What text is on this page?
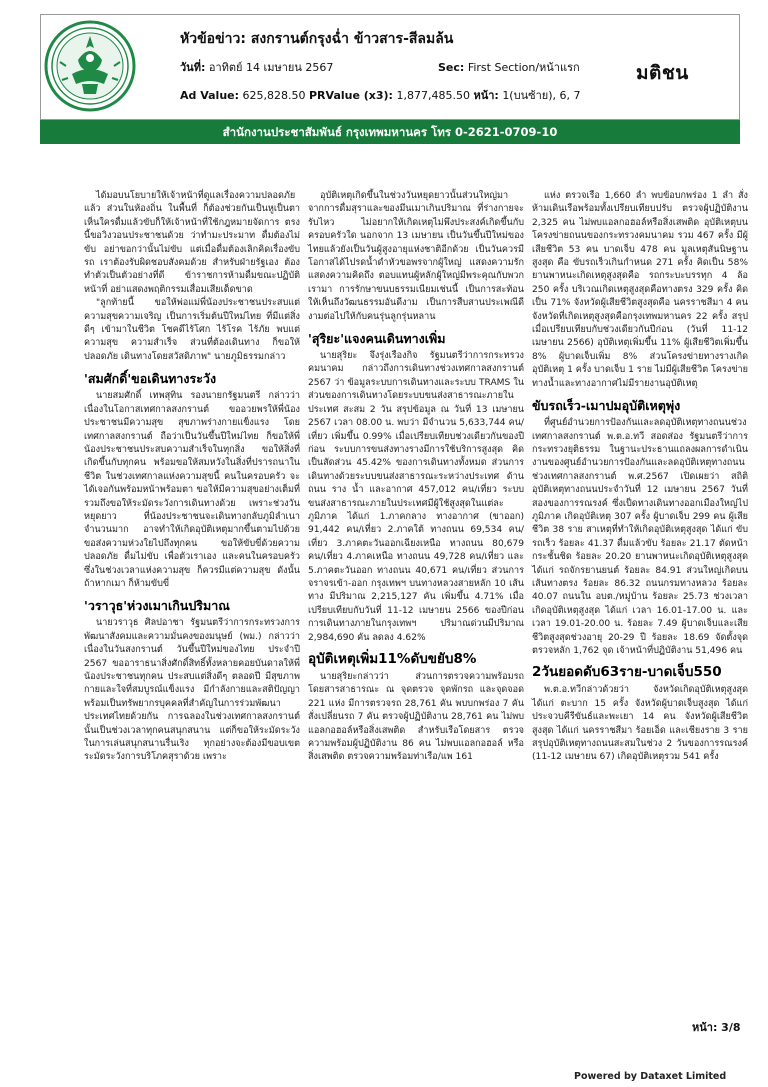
หัวข้อข่าว: สงกรานต์กรุงฉ่ำ ข้าวสาร-สีลมล้น
วันที่: อาทิตย์ 14 เมษายน 2567	Sec: First Section/หน้าแรก
Ad Value: 625,828.50 PRValue (x3): 1,877,485.50 หน้า: 1(บนซ้าย), 6, 7
มติชน
สำนักงานประชาสัมพันธ์ กรุงเทพมหานคร โทร 0-2621-0709-10

ได้มอบนโยบายให้เจ้าหน้าที่ดูแลเรื่องความปลอดภัยแล้ว ส่วนในห้องถิ่น ในพื้นที่ ก็ต้องช่วยกันเป็นหูเป็นตา เห็นใครดื่มแล้วขับก็ให้เจ้าหน้าที่ใช้กฎหมายจัดการ ตรงนี้ขอวิงวอนประชาชนด้วย ว่าทำมะประมาท ดื่มต้องไม่ขับ อย่าขอกว่านั้นไม่ขับ แต่เมื่อดื่มต้องเลิกคิดเรื่องขับรถ เราต้องรับผิดชอบสังคมด้วย สำหรับฝ่ายรัฐเอง ต้องทำตัวเป็นตัวอย่างที่ดี ข้าราชการห้ามดื่มขณะปฏิบัติหน้าที่ อย่าแสดงพฤติกรรมเสื่อมเสียเด็ดขาด

"ลูกท้ายนี้ ขอให้พ่อแม่พี่น้องประชาชนประสบแต่ความสุขความเจริญ เป็นการเริ่มต้นปีใหม่ไทย ที่มีแต่สิ่งดีๆ เข้ามาในชีวิต โชคดีไร้โศก ไร้โรค ไร้ภัย พบแต่ความสุข ความสำเร็จ ส่วนที่ต้องเดินทาง ก็ขอให้ปลอดภัย เดินทางโดยสวัสดิภาพ" นายภูมิธรรมกล่าว

'สมศักดิ์'ขอเดินทางระวัง

นายสมศักดิ์ เทพสุทิน รองนายกรัฐมนตรี กล่าวว่า เนื่องในโอกาสเทศกาลสงกรานต์ ขออวยพรให้พี่น้องประชาชนมีความสุข สุขภาพร่างกายแข็งแรง โดยเทศกาลสงกรานต์ ถือว่าเป็นวันขึ้นปีใหม่ไทย ก็ขอให้พี่น้องประชาชนประสบความสำเร็จในทุกสิ่ง ขอให้สิ่งที่เกิดขึ้นกับทุกคน พร้อมขอให้สมหวังในสิ่งที่ปรารถนาในชีวิต ในช่วงเทศกาลแห่งความสุขนี้ คนในครอบครัว จะได้เจอกันพร้อมหน้าพร้อมตา ขอให้มีความสุขอย่างเต็มที่ รวมถึงขอให้ระมัดระวังการเดินทางด้วย เพราะช่วงวันหยุดยาว ที่น้องประชาชนจะเดินทางกลับภูมิลำเนาจำนวนมาก อาจทำให้เกิดอุบัติเหตุมากขึ้นตามไปด้วย ขอส่งความห่วงใยไปถึงทุกคน ขอให้ขับขี่ด้วยความปลอดภัย ดื่มไม่ขับ เพื่อตัวเราเอง และคนในครอบครัว ซึ่งในช่วงเวลาแห่งความสุข ก็ควรมีแต่ความสุข ดังนั้น ถ้าหากเมา ก็ห้ามขับขี่

'วราวุธ'ห่วงเมาเกินปริมาณ

นายวราวุธ ศิลปอาชา รัฐมนตรีว่าการกระทรวงการพัฒนาสังคมและความมั่นคงของมนุษย์ (พม.) กล่าวว่า เนื่องในวันสงกรานต์ วันขึ้นปีใหม่ของไทย ประจำปี 2567 ขออาราธนาสิ่งศักดิ์สิทธิ์ทั้งหลายคอยบันดาลให้พี่น้องประชาชนทุกคน ประสบแต่สิ่งดีๆ ตลอดปี มีสุขภาพกายและใจที่สมบูรณ์แข็งแรง มีกำลังกายและสติปัญญาพร้อมเป็นทรัพยากรบุคคลที่สำคัญในการร่วมพัฒนาประเทศไทยด้วยกัน การฉลองในช่วงเทศกาลสงกรานต์นั้นเป็นช่วงเวลาทุกคนสนุกสนาน แต่ก็ขอให้ระมัดระวังในการเล่นสนุกสนานรื่นเริง ทุกอย่างจะต้องมีขอบเขต ระมัดระวังการบริโภคสุราด้วย เพราะ

อุบัติเหตุเกิดขึ้นในช่วงวันหยุดยาวนั้นส่วนใหญ่มาจากการดื่มสุราและของมึนเมาเกินปริมาณ ที่ร่างกายจะรับไหว ไม่อยากให้เกิดเหตุไม่พึงประสงค์เกิดขึ้นกับครอบครัวใด นอกจาก 13 เมษายน เป็นวันขึ้นปีใหม่ของไทยแล้วยังเป็นวันผู้สูงอายุแห่งชาติอีกด้วย เป็นวันควรมีโอกาสได้ไปรดน้ำดำหัวขอพรจากผู้ใหญ่ แสดงความรัก แสดงความคิดถึง ตอบแทนผู้หลักผู้ใหญ่มีพระคุณกับพวกเรามา การรักษาขนบธรรมเนียมเช่นนี้ เป็นการสะท้อนให้เห็นถึงวัฒนธรรมอันดีงาม เป็นการสืบสานประเพณีดีงามต่อไปให้กับคนรุ่นลูกรุ่นหลาน

'สุริยะ'แจงคนเดินทางเพิ่ม

นายสุริยะ จึงรุ่งเรืองกิจ รัฐมนตรีว่าการกระทรวงคมนาคม กล่าวถึงการเดินทางช่วงเทศกาลสงกรานต์ 2567 ว่า ข้อมูลระบบการเดินทางและระบบ TRAMS ในส่วนของการเดินทางโดยระบบขนส่งสาธารณะภายในประเทศ สะสม 2 วัน สรุปข้อมูล ณ วันที่ 13 เมษายน 2567 เวลา 08.00 น. พบว่า มีจำนวน 5,633,744 คน/เที่ยว เพิ่มขึ้น 0.99% เมื่อเปรียบเทียบช่วงเดียวกันของปีก่อน ระบบการขนส่งทางรางมีการใช้บริการสูงสุด คิดเป็นสัดส่วน 45.42% ของการเดินทางทั้งหมด ส่วนการเดินทางด้วยระบบขนส่งสาธารณะระหว่างประเทศ ด้านถนน ราง น้ำ และอากาศ 457,012 คน/เที่ยว ระบบขนส่งสาธารณะภายในประเทศมีผู้ใช้สูงสุดในแต่ละภูมิภาค ได้แก่ 1.ภาคกลาง ทางอากาศ (ขาออก) 91,442 คน/เที่ยว 2.ภาคใต้ ทางถนน 69,534 คน/เที่ยว 3.ภาคตะวันออกเฉียงเหนือ ทางถนน 80,679 คน/เที่ยว 4.ภาคเหนือ ทางถนน 49,728 คน/เที่ยว และ 5.ภาคตะวันออก ทางถนน 40,671 คน/เที่ยว ส่วนการจราจรเข้า-ออก กรุงเทพฯ บนทางหลวงสายหลัก 10 เส้นทาง มีปริมาณ 2,215,127 คัน เพิ่มขึ้น 4.71% เมื่อเปรียบเทียบกับวันที่ 11-12 เมษายน 2566 ของปีก่อน การเดินทางภายในกรุงเทพฯ ปริมาณด่วนมีปริมาณ 2,984,690 คัน ลดลง 4.62%

อุบัติเหตุเพิ่ม11%ดับขยับ8%

นายสุริยะกล่าวว่า ส่วนการตรวจความพร้อมรถโดยสารสาธารณะ ณ จุดตรวจ จุดพักรถ และจุดจอด 221 แห่ง มีการตรวจรถ 28,761 คัน พบบกพร่อง 7 คัน สั่งเปลี่ยนรถ 7 คัน ตรวจผู้ปฏิบัติงาน 28,761 คน ไม่พบแอลกอฮอล์หรือสิ่งเสพติด สำหรับเรือโดยสาร ตรวจความพร้อมผู้ปฏิบัติงาน 86 คน ไม่พบแอลกอฮอล์ หรือสิ่งเสพติด ตรวจความพร้อมท่าเรือ/แพ 161

แห่ง ตรวจเรือ 1,660 ลำ พบข้อบกพร่อง 1 ลำ สั่งห้ามเดินเรือพร้อมทั้งเปรียบเทียบปรับ ตรวจผู้ปฏิบัติงาน 2,325 คน ไม่พบแอลกอฮอล์หรือสิ่งเสพติด อุบัติเหตุบนโครงข่ายถนนของกระทรวงคมนาคม รวม 467 ครั้ง มีผู้เสียชีวิต 53 คน บาดเจ็บ 478 คน มูลเหตุสันนิษฐานสูงสุด คือ ขับรถเร็วเกินกำหนด 271 ครั้ง คิดเป็น 58% ยานพาหนะเกิดเหตุสูงสุดคือ รถกระบะบรรทุก 4 ล้อ 250 ครั้ง บริเวณเกิดเหตุสูงสุดคือทางตรง 329 ครั้ง คิดเป็น 71% จังหวัดผู้เสียชีวิตสูงสุดคือ นครราชสีมา 4 คน จังหวัดที่เกิดเหตุสูงสุดคือกรุงเทพมหานคร 22 ครั้ง สรุปเมื่อเปรียบเทียบกับช่วงเดียวกันปีก่อน (วันที่ 11-12 เมษายน 2566) อุบัติเหตุเพิ่มขึ้น 11% ผู้เสียชีวิตเพิ่มขึ้น 8% ผู้บาดเจ็บเพิ่ม 8% ส่วนโครงข่ายทางรางเกิดอุบัติเหตุ 1 ครั้ง บาดเจ็บ 1 ราย ไม่มีผู้เสียชีวิต โครงข่ายทางน้ำและทางอากาศไม่มีรายงานอุบัติเหตุ

ขับรถเร็ว-เมาปมอุบัติเหตุพุ่ง

ที่ศูนย์อำนวยการป้องกันและลดอุบัติเหตุทางถนนช่วงเทศกาลสงกรานต์ พ.ต.อ.ทวี สอดส่อง รัฐมนตรีว่าการกระทรวงยุติธรรม ในฐานะประธานแถลงผลการดำเนินงานของศูนย์อำนวยการป้องกันและลดอุบัติเหตุทางถนนช่วงเทศกาลสงกรานต์ พ.ศ.2567 เปิดเผยว่า สถิติอุบัติเหตุทางถนนประจำวันที่ 12 เมษายน 2567 วันที่สองของการรณรงค์ ซึ่งเป็ดทางเดินทางออกเมืองใหญ่ไปภูมิภาค เกิดอุบัติเหตุ 307 ครั้ง ผู้บาดเจ็บ 299 คน ผู้เสียชีวิต 38 ราย สาเหตุที่ทำให้เกิดอุบัติเหตุสูงสุด ได้แก่ ขับรถเร็ว ร้อยละ 41.37 ดื่มแล้วขับ ร้อยละ 21.17 ตัดหน้ากระชั้นชิด ร้อยละ 20.20 ยานพาหนะเกิดอุบัติเหตุสูงสุด ได้แก่ รถจักรยานยนต์ ร้อยละ 84.91 ส่วนใหญ่เกิดบนเส้นทางตรง ร้อยละ 86.32 ถนนกรมทางหลวง ร้อยละ 40.07 ถนนใน อบต./หมู่บ้าน ร้อยละ 25.73 ช่วงเวลาเกิดอุบัติเหตุสูงสุด ได้แก่ เวลา 16.01-17.00 น. และเวลา 19.01-20.00 น. ร้อยละ 7.49 ผู้บาดเจ็บและเสียชีวิตสูงสุดช่วงอายุ 20-29 ปี ร้อยละ 18.69 จัดตั้งจุดตรวจหลัก 1,762 จุด เจ้าหน้าที่ปฏิบัติงาน 51,496 คน

2วันยอดดับ63ราย-บาดเจ็บ550

พ.ต.อ.ทวีกล่าวด้วยว่า จังหวัดเกิดอุบัติเหตุสูงสุด ได้แก่ ตะบาก 15 ครั้ง จังหวัดผู้บาดเจ็บสูงสุด ได้แก่ ประจวบคีรีขันธ์และพะเยา 14 คน จังหวัดผู้เสียชีวิตสูงสุด ได้แก่ นครราชสีมา ร้อยเอ็ด และเชียงราย 3 ราย สรุปอุบัติเหตุทางถนนสะสมในช่วง 2 วันของการรณรงค์ (11-12 เมษายน 67) เกิดอุบัติเหตุรวม 541 ครั้ง

หน้า: 3/8
Powered by Dataxet Limited
